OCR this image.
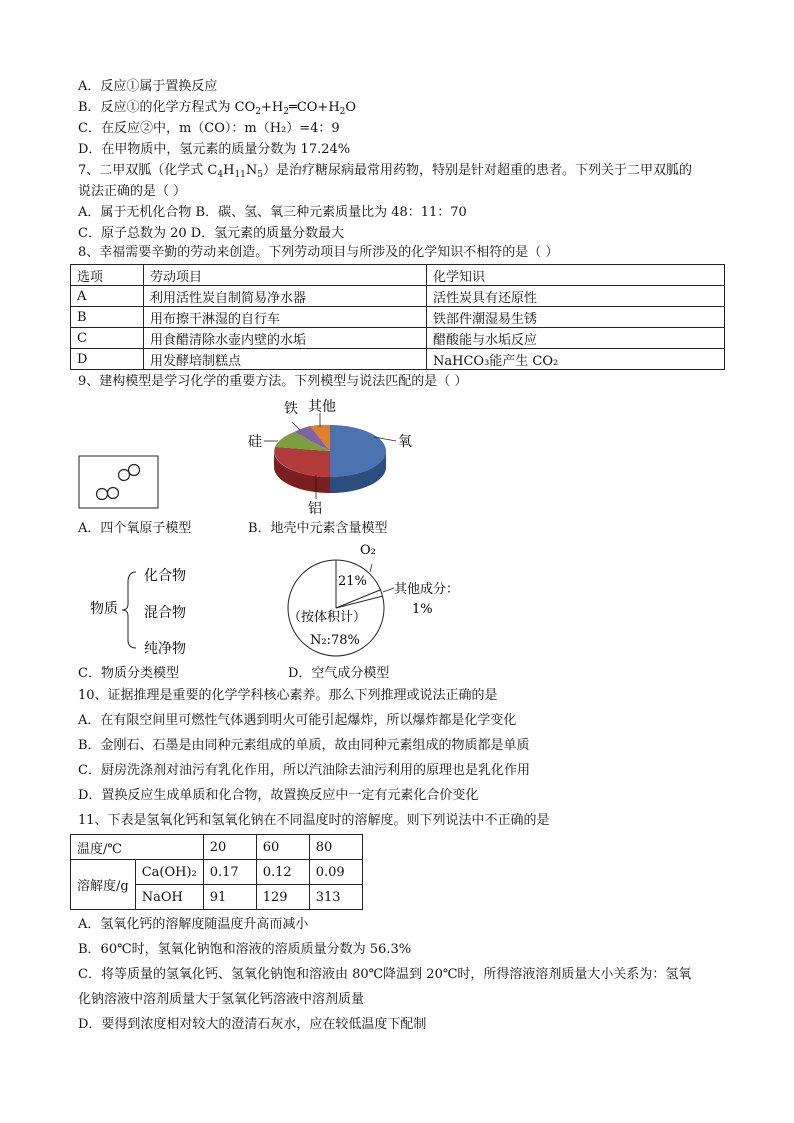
A．反应①属于置换反应
B．反应①的化学方程式为 $CO_2+H_2═CO+H_2O$
C．在反应②中，m（CO）：m（H₂）=4：9
D．在甲物质中，氢元素的质量分数为 17.24%
7、二甲双胍（化学式 $C_4H_{11}N_5$）是治疗糖尿病最常用药物，特别是针对超重的患者。下列关于二甲双胍的
说法正确的是（ ）
A．属于无机化合物 B．碳、氢、氧三种元素质量比为 48：11：70
C．原子总数为 20 D．氢元素的质量分数最大
8、幸福需要辛勤的劳动来创造。下列劳动项目与所涉及的化学知识不相符的是（ ）
选项	劳动项目	化学知识
A	利用活性炭自制简易净水器	活性炭具有还原性
B	用布擦干淋湿的自行车	铁部件潮湿易生锈
C	用食醋清除水壶内壁的水垢	醋酸能与水垢反应
D	用发酵培制糕点	NaHCO₃能产生 CO₂
9、建构模型是学习化学的重要方法。下列模型与说法匹配的是（ ）
铁 其他
硅	氧
铝
A．四个氧原子模型	B．地壳中元素含量模型
物质
化合物
混合物
纯净物
O₂
21%
其他成分：
1%
（按体积计）
N₂:78%
C．物质分类模型	D．空气成分模型
10、证据推理是重要的化学学科核心素养。那么下列推理或说法正确的是
A．在有限空间里可燃性气体遇到明火可能引起爆炸，所以爆炸都是化学变化
B．金刚石、石墨是由同种元素组成的单质，故由同种元素组成的物质都是单质
C．厨房洗涤剂对油污有乳化作用，所以汽油除去油污利用的原理也是乳化作用
D．置换反应生成单质和化合物，故置换反应中一定有元素化合价变化
11、下表是氢氧化钙和氢氧化钠在不同温度时的溶解度。则下列说法中不正确的是
温度/℃		20	60	80
溶解度/g	Ca(OH)₂	0.17	0.12	0.09
	NaOH	91	129	313
A．氢氧化钙的溶解度随温度升高而减小
B．60℃时，氢氧化钠饱和溶液的溶质质量分数为 56.3%
C．将等质量的氢氧化钙、氢氧化钠饱和溶液由 80℃降温到 20℃时，所得溶液溶剂质量大小关系为：氢氧
化钠溶液中溶剂质量大于氢氧化钙溶液中溶剂质量
D．要得到浓度相对较大的澄清石灰水，应在较低温度下配制
